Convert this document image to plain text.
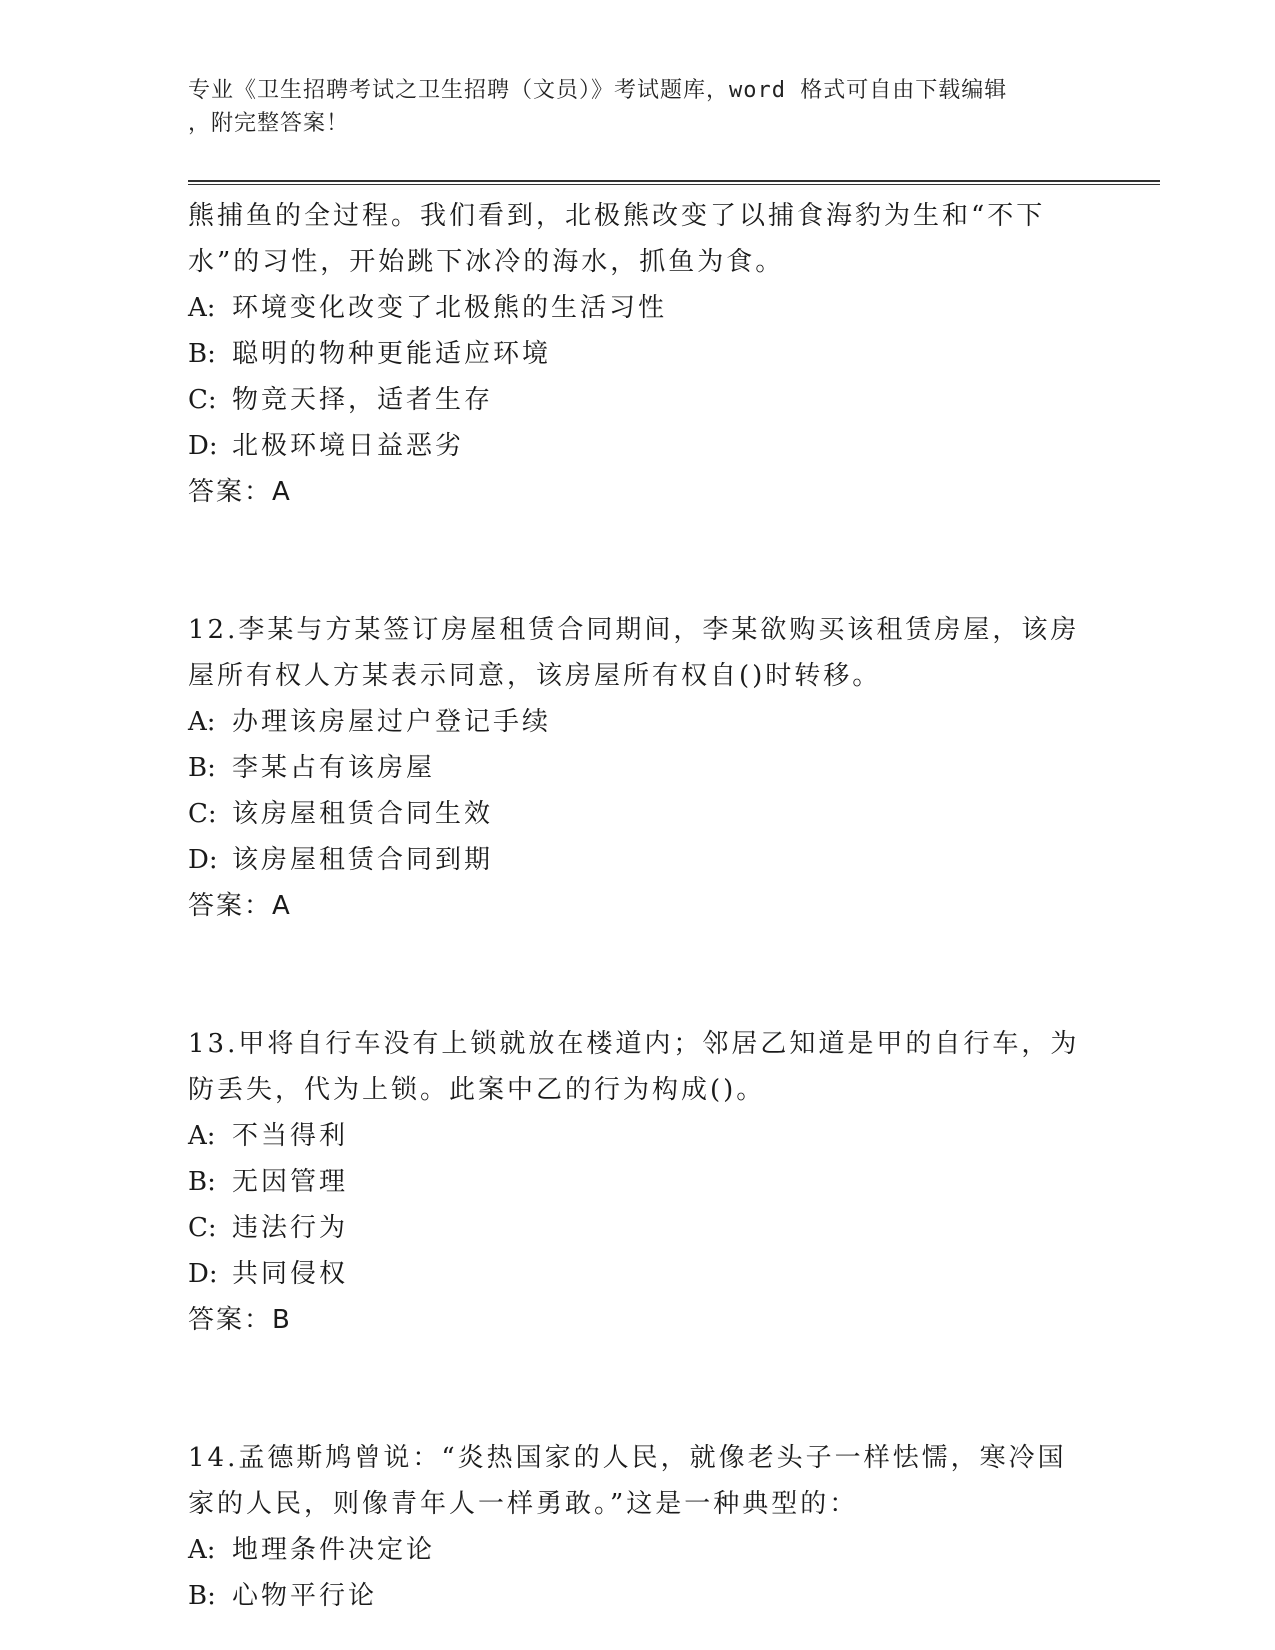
专业《卫生招聘考试之卫生招聘（文员）》考试题库，word 格式可自由下载编辑
，附完整答案！
熊捕鱼的全过程。我们看到，北极熊改变了以捕食海豹为生和“不下
水”的习性，开始跳下冰冷的海水，抓鱼为食。
A: 环境变化改变了北极熊的生活习性
B: 聪明的物种更能适应环境
C: 物竞天择，适者生存
D: 北极环境日益恶劣
答案：A
12.李某与方某签订房屋租赁合同期间，李某欲购买该租赁房屋，该房
屋所有权人方某表示同意，该房屋所有权自()时转移。
A: 办理该房屋过户登记手续
B: 李某占有该房屋
C: 该房屋租赁合同生效
D: 该房屋租赁合同到期
答案：A
13.甲将自行车没有上锁就放在楼道内；邻居乙知道是甲的自行车，为
防丢失，代为上锁。此案中乙的行为构成()。
A: 不当得利
B: 无因管理
C: 违法行为
D: 共同侵权
答案：B
14.孟德斯鸠曾说：“炎热国家的人民，就像老头子一样怯懦，寒冷国
家的人民，则像青年人一样勇敢。”这是一种典型的：
A: 地理条件决定论
B: 心物平行论
